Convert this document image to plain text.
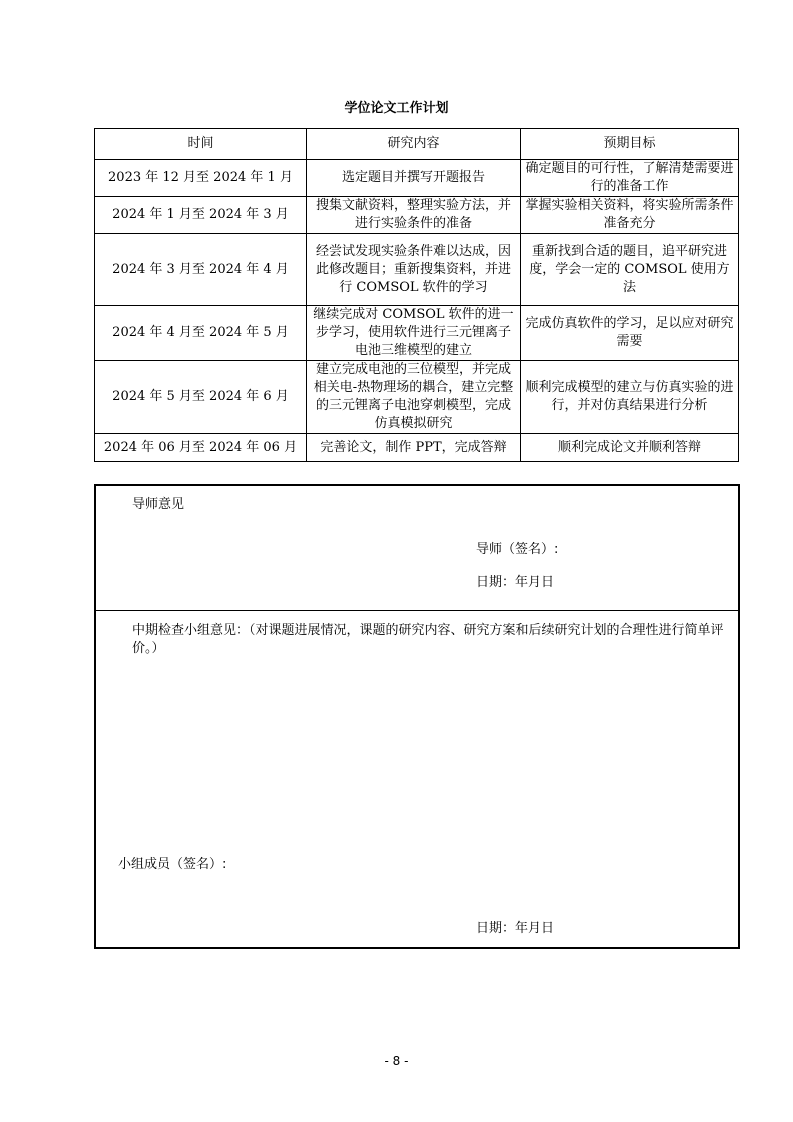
学位论文工作计划
时间	研究内容	预期目标
2023 年 12 月至 2024 年 1 月	选定题目并撰写开题报告	确定题目的可行性，了解清楚需要进行的准备工作
2024 年 1 月至 2024 年 3 月	搜集文献资料，整理实验方法，并进行实验条件的准备	掌握实验相关资料，将实验所需条件准备充分
2024 年 3 月至 2024 年 4 月	经尝试发现实验条件难以达成，因此修改题目；重新搜集资料，并进行 COMSOL 软件的学习	重新找到合适的题目，追平研究进度，学会一定的 COMSOL 使用方法
2024 年 4 月至 2024 年 5 月	继续完成对 COMSOL 软件的进一步学习，使用软件进行三元锂离子电池三维模型的建立	完成仿真软件的学习，足以应对研究需要
2024 年 5 月至 2024 年 6 月	建立完成电池的三位模型，并完成相关电-热物理场的耦合，建立完整的三元锂离子电池穿刺模型，完成仿真模拟研究	顺利完成模型的建立与仿真实验的进行，并对仿真结果进行分析
2024 年 06 月至 2024 年 06 月	完善论文，制作 PPT，完成答辩	顺利完成论文并顺利答辩
导师意见
导师（签名）:
日期：年月日
中期检查小组意见：（对课题进展情况，课题的研究内容、研究方案和后续研究计划的合理性进行简单评价。）
小组成员（签名）:
日期：年月日
- 8 -
